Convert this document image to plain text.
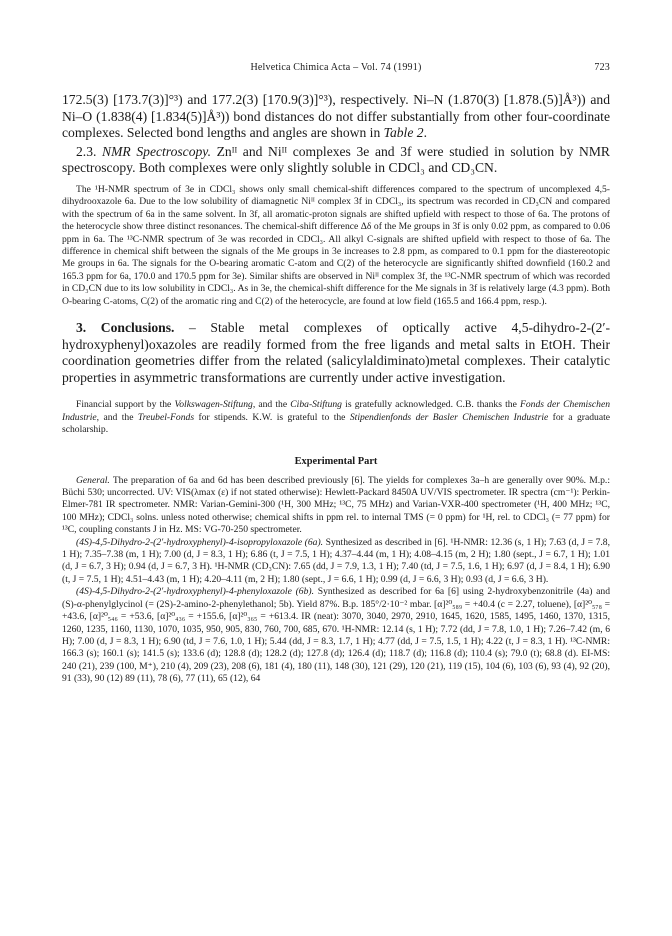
Helvetica Chimica Acta – Vol. 74 (1991)	723

172.5(3) [173.7(3)]°³) and 177.2(3) [170.9(3)]°³), respectively. Ni–N (1.870(3) [1.878.(5)]Å³)) and Ni–O (1.838(4) [1.834(5)]Å³)) bond distances do not differ substantially from other four-coordinate complexes. Selected bond lengths and angles are shown in Table 2.

2.3. NMR Spectroscopy. Znᴵᴵ and Niᴵᴵ complexes 3e and 3f were studied in solution by NMR spectroscopy. Both complexes were only slightly soluble in CDCl₃ and CD₃CN.

The ¹H-NMR spectrum of 3e in CDCl₃ shows only small chemical-shift differences compared to the spectrum of uncomplexed 4,5-dihydrooxazole 6a. Due to the low solubility of diamagnetic Niᴵᴵ complex 3f in CDCl₃, its spectrum was recorded in CD₃CN and compared with the spectrum of 6a in the same solvent. In 3f, all aromatic-proton signals are shifted upfield with respect to those of 6a. The protons of the heterocycle show three distinct resonances. The chemical-shift difference Δδ of the Me groups in 3f is only 0.02 ppm, as compared to 0.06 ppm in 6a. The ¹³C-NMR spectrum of 3e was recorded in CDCl₃. All alkyl C-signals are shifted upfield with respect to those of 6a. The difference in chemical shift between the signals of the Me groups in 3e increases to 2.8 ppm, as compared to 0.1 ppm for the diastereotopic Me groups in 6a. The signals for the O-bearing aromatic C-atom and C(2) of the heterocycle are significantly shifted downfield (160.2 and 165.3 ppm for 6a, 170.0 and 170.5 ppm for 3e). Similar shifts are observed in Niᴵᴵ complex 3f, the ¹³C-NMR spectrum of which was recorded in CD₃CN due to its low solubility in CDCl₃. As in 3e, the chemical-shift difference for the Me signals in 3f is relatively large (4.3 ppm). Both O-bearing C-atoms, C(2) of the aromatic ring and C(2) of the heterocycle, are found at low field (165.5 and 166.4 ppm, resp.).

3. Conclusions. – Stable metal complexes of optically active 4,5-dihydro-2-(2′-hydroxyphenyl)oxazoles are readily formed from the free ligands and metal salts in EtOH. Their coordination geometries differ from the related (salicylaldiminato)metal complexes. Their catalytic properties in asymmetric transformations are currently under active investigation.

Financial support by the Volkswagen-Stiftung, and the Ciba-Stiftung is gratefully acknowledged. C.B. thanks the Fonds der Chemischen Industrie, and the Treubel-Fonds for stipends. K.W. is grateful to the Stipendienfonds der Basler Chemischen Industrie for a graduate scholarship.

Experimental Part

General. The preparation of 6a and 6d has been described previously [6]. The yields for complexes 3a–h are generally over 90%. M.p.: Büchi 530; uncorrected. UV: VIS(λmax (ε) if not stated otherwise): Hewlett-Packard 8450A UV/VIS spectrometer. IR spectra (cm⁻¹): Perkin-Elmer-781 IR spectrometer. NMR: Varian-Gemini-300 (¹H, 300 MHz; ¹³C, 75 MHz) and Varian-VXR-400 spectrometer (¹H, 400 MHz; ¹³C, 100 MHz); CDCl₃ solns. unless noted otherwise; chemical shifts in ppm rel. to internal TMS (= 0 ppm) for ¹H, rel. to CDCl₃ (= 77 ppm) for ¹³C, coupling constants J in Hz. MS: VG-70-250 spectrometer.

(4S)-4,5-Dihydro-2-(2′-hydroxyphenyl)-4-isopropyloxazole (6a). Synthesized as described in [6]. ¹H-NMR: 12.36 (s, 1 H); 7.63 (d, J = 7.8, 1 H); 7.35–7.38 (m, 1 H); 7.00 (d, J = 8.3, 1 H); 6.86 (t, J = 7.5, 1 H); 4.37–4.44 (m, 1 H); 4.08–4.15 (m, 2 H); 1.80 (sept., J = 6.7, 1 H); 1.01 (d, J = 6.7, 3 H); 0.94 (d, J = 6.7, 3 H). ¹H-NMR (CD₃CN): 7.65 (dd, J = 7.9, 1.3, 1 H); 7.40 (td, J = 7.5, 1.6, 1 H); 6.97 (d, J = 8.4, 1 H); 6.90 (t, J = 7.5, 1 H); 4.51–4.43 (m, 1 H); 4.20–4.11 (m, 2 H); 1.80 (sept., J = 6.6, 1 H); 0.99 (d, J = 6.6, 3 H); 0.93 (d, J = 6.6, 3 H).

(4S)-4,5-Dihydro-2-(2′-hydroxyphenyl)-4-phenyloxazole (6b). Synthesized as described for 6a [6] using 2-hydroxybenzonitrile (4a) and (S)-α-phenylglycinol (= (2S)-2-amino-2-phenylethanol; 5b). Yield 87%. B.p. 185°/2·10⁻² mbar. [α]²⁰₅₈₉ = +40.4 (c = 2.27, toluene), [α]²⁰₅₇₈ = +43.6, [α]²⁰₅₄₆ = +53.6, [α]²⁰₄₃₆ = +155.6, [α]²⁰₃₆₅ = +613.4. IR (neat): 3070, 3040, 2970, 2910, 1645, 1620, 1585, 1495, 1460, 1370, 1315, 1260, 1235, 1160, 1130, 1070, 1035, 950, 905, 830, 760, 700, 685, 670. ¹H-NMR: 12.14 (s, 1 H); 7.72 (dd, J = 7.8, 1.0, 1 H); 7.26–7.42 (m, 6 H); 7.00 (d, J = 8.3, 1 H); 6.90 (td, J = 7.6, 1.0, 1 H); 5.44 (dd, J = 8.3, 1.7, 1 H); 4.77 (dd, J = 7.5, 1.5, 1 H); 4.22 (t, J = 8.3, 1 H). ¹³C-NMR: 166.3 (s); 160.1 (s); 141.5 (s); 133.6 (d); 128.8 (d); 128.2 (d); 127.8 (d); 126.4 (d); 118.7 (d); 116.8 (d); 110.4 (s); 79.0 (t); 68.8 (d). EI-MS: 240 (21), 239 (100, M⁺), 210 (4), 209 (23), 208 (6), 181 (4), 180 (11), 148 (30), 121 (29), 120 (21), 119 (15), 104 (6), 103 (6), 93 (4), 92 (20), 91 (33), 90 (12) 89 (11), 78 (6), 77 (11), 65 (12), 64
